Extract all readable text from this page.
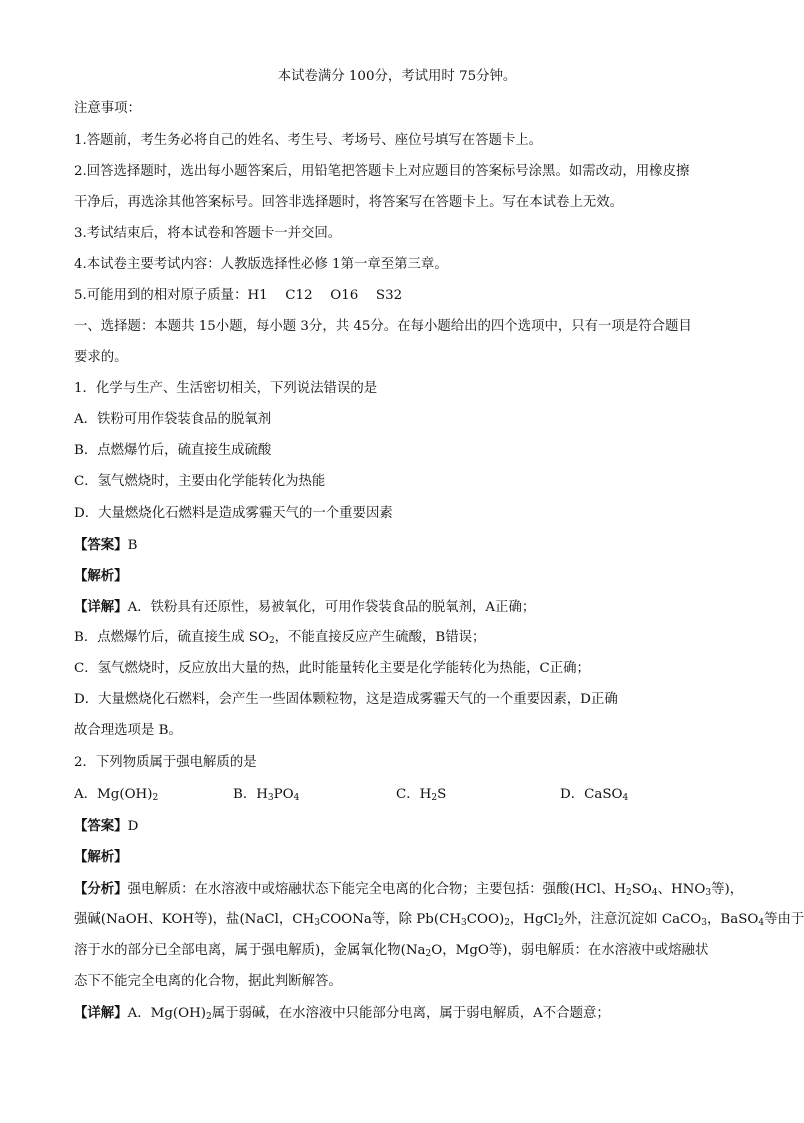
本试卷满分 100分，考试用时 75分钟。
注意事项：
1.答题前，考生务必将自己的姓名、考生号、考场号、座位号填写在答题卡上。
2.回答选择题时，选出每小题答案后，用铅笔把答题卡上对应题目的答案标号涂黑。如需改动，用橡皮擦
干净后，再选涂其他答案标号。回答非选择题时，将答案写在答题卡上。写在本试卷上无效。
3.考试结束后，将本试卷和答题卡一并交回。
4.本试卷主要考试内容：人教版选择性必修 1第一章至第三章。
5.可能用到的相对原子质量：H1　 C12　 O16　 S32
一、选择题：本题共 15小题，每小题 3分，共 45分。在每小题给出的四个选项中，只有一项是符合题目
要求的。
1．化学与生产、生活密切相关，下列说法错误的是
A．铁粉可用作袋装食品的脱氧剂
B．点燃爆竹后，硫直接生成硫酸
C．氢气燃烧时，主要由化学能转化为热能
D．大量燃烧化石燃料是造成雾霾天气的一个重要因素
【答案】B
【解析】
【详解】A．铁粉具有还原性，易被氧化，可用作袋装食品的脱氧剂，A正确；
B．点燃爆竹后，硫直接生成 $SO_2$，不能直接反应产生硫酸，B错误；
C．氢气燃烧时，反应放出大量的热，此时能量转化主要是化学能转化为热能，C正确；
D．大量燃烧化石燃料，会产生一些固体颗粒物，这是造成雾霾天气的一个重要因素，D正确
故合理选项是 B。
2．下列物质属于强电解质的是
A．$Mg(OH)_2$	B．$H_3PO_4$	C．$H_2S$	D．CaSO$_4$
【答案】D
【解析】
【分析】强电解质：在水溶液中或熔融状态下能完全电离的化合物；主要包括：强酸(HCl、$H_2SO_4$、$HNO_3$等)，
强碱(NaOH、KOH等)，盐(NaCl，$CH_3COONa$等，除 $Pb(CH_3COO)_2$，HgCl$_2$外，注意沉淀如 CaCO$_3$，BaSO$_4$等由于
溶于水的部分已全部电离，属于强电解质)，金属氧化物($Na_2O$，MgO等)，弱电解质：在水溶液中或熔融状
态下不能完全电离的化合物，据此判断解答。
【详解】A．$Mg(OH)_2$属于弱碱，在水溶液中只能部分电离，属于弱电解质，A不合题意；
